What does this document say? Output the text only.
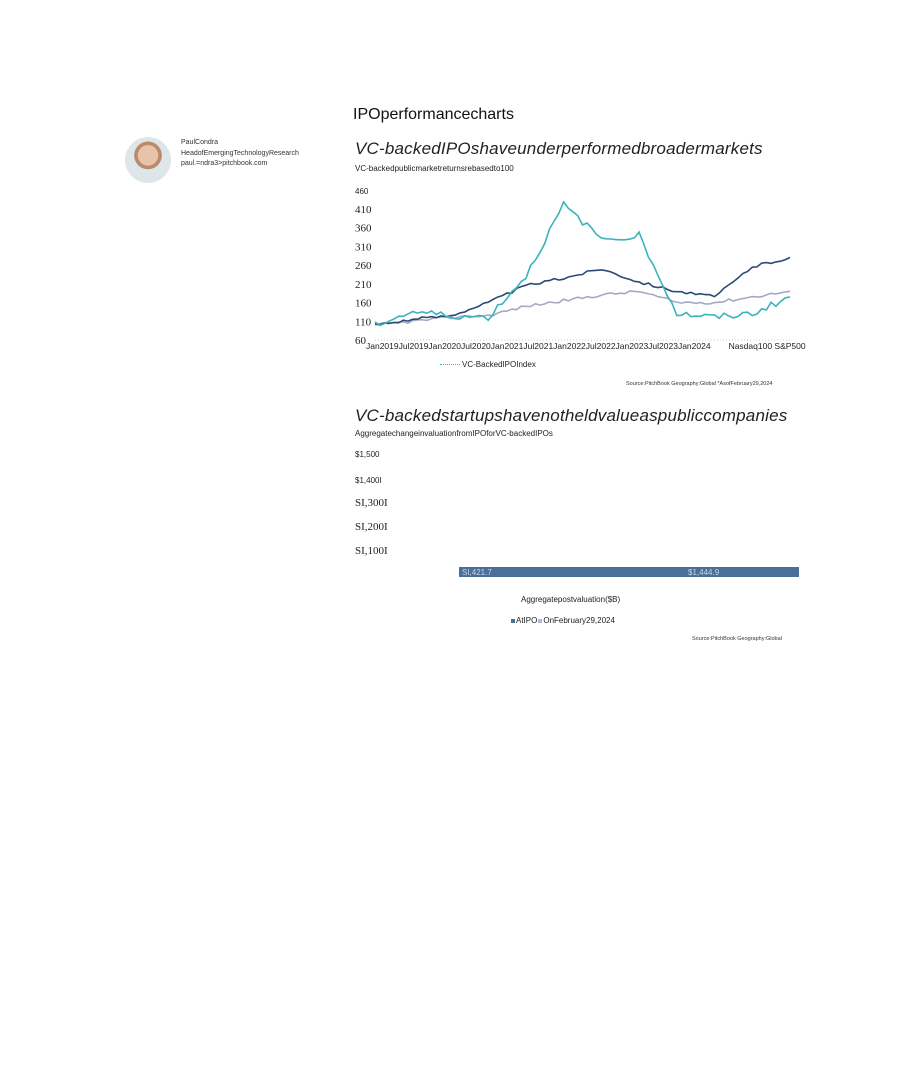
IPOperformancecharts
PaulCondra
HeadofEmergingTechnologyResearch
paul.=ndra3>pitchbook.com
VC-backedIPOshaveunderperformedbroadermarkets
VC-backedpublicmarketreturnsrebasedto100
460
410
360
310
260
210
160
110
60 Jan2019Jul2019Jan2020Jul2020Jan2021Jul2021Jan2022Jul2022Jan2023Jul2023Jan2024 Nasdaq100 S&P500
VC-BackedIPOIndex
Source:PitchBook Geography:Global *AsofFebruary29,2024
VC-backedstartupshavenotheldvalueaspubliccompanies
AggregatechangeinvaluationfromIPOforVC-backedIPOs
$1,500
$1,400I
SI,300I
SI,200I
SI,100I
SI,421.7	$1,444.9
Aggregatepostvaluation($B)
AtIPO OnFebruary29,2024
Source:PitchBook Geography:Global
